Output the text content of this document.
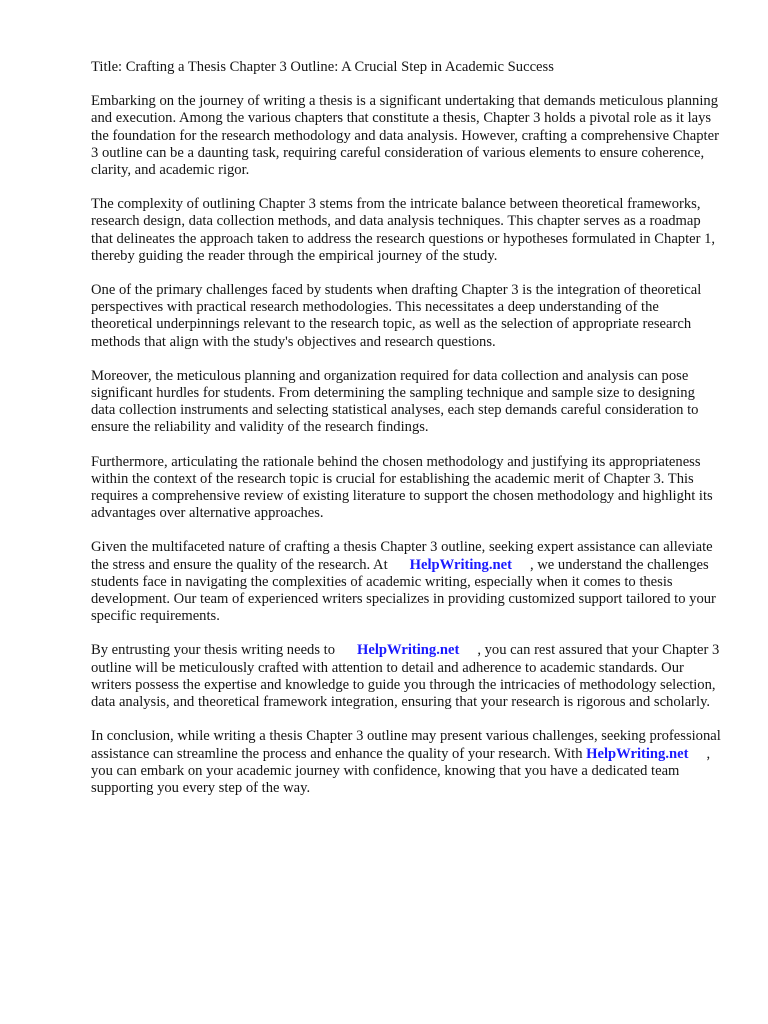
Title: Crafting a Thesis Chapter 3 Outline: A Crucial Step in Academic Success

Embarking on the journey of writing a thesis is a significant undertaking that demands meticulous planning and execution. Among the various chapters that constitute a thesis, Chapter 3 holds a pivotal role as it lays the foundation for the research methodology and data analysis. However, crafting a comprehensive Chapter 3 outline can be a daunting task, requiring careful consideration of various elements to ensure coherence, clarity, and academic rigor.

The complexity of outlining Chapter 3 stems from the intricate balance between theoretical frameworks, research design, data collection methods, and data analysis techniques. This chapter serves as a roadmap that delineates the approach taken to address the research questions or hypotheses formulated in Chapter 1, thereby guiding the reader through the empirical journey of the study.

One of the primary challenges faced by students when drafting Chapter 3 is the integration of theoretical perspectives with practical research methodologies. This necessitates a deep understanding of the theoretical underpinnings relevant to the research topic, as well as the selection of appropriate research methods that align with the study's objectives and research questions.

Moreover, the meticulous planning and organization required for data collection and analysis can pose significant hurdles for students. From determining the sampling technique and sample size to designing data collection instruments and selecting statistical analyses, each step demands careful consideration to ensure the reliability and validity of the research findings.

Furthermore, articulating the rationale behind the chosen methodology and justifying its appropriateness within the context of the research topic is crucial for establishing the academic merit of Chapter 3. This requires a comprehensive review of existing literature to support the chosen methodology and highlight its advantages over alternative approaches.

Given the multifaceted nature of crafting a thesis Chapter 3 outline, seeking expert assistance can alleviate the stress and ensure the quality of the research. At HelpWriting.net , we understand the challenges students face in navigating the complexities of academic writing, especially when it comes to thesis development. Our team of experienced writers specializes in providing customized support tailored to your specific requirements.

By entrusting your thesis writing needs to HelpWriting.net , you can rest assured that your Chapter 3 outline will be meticulously crafted with attention to detail and adherence to academic standards. Our writers possess the expertise and knowledge to guide you through the intricacies of methodology selection, data analysis, and theoretical framework integration, ensuring that your research is rigorous and scholarly.

In conclusion, while writing a thesis Chapter 3 outline may present various challenges, seeking professional assistance can streamline the process and enhance the quality of your research. With HelpWriting.net , you can embark on your academic journey with confidence, knowing that you have a dedicated team supporting you every step of the way.
